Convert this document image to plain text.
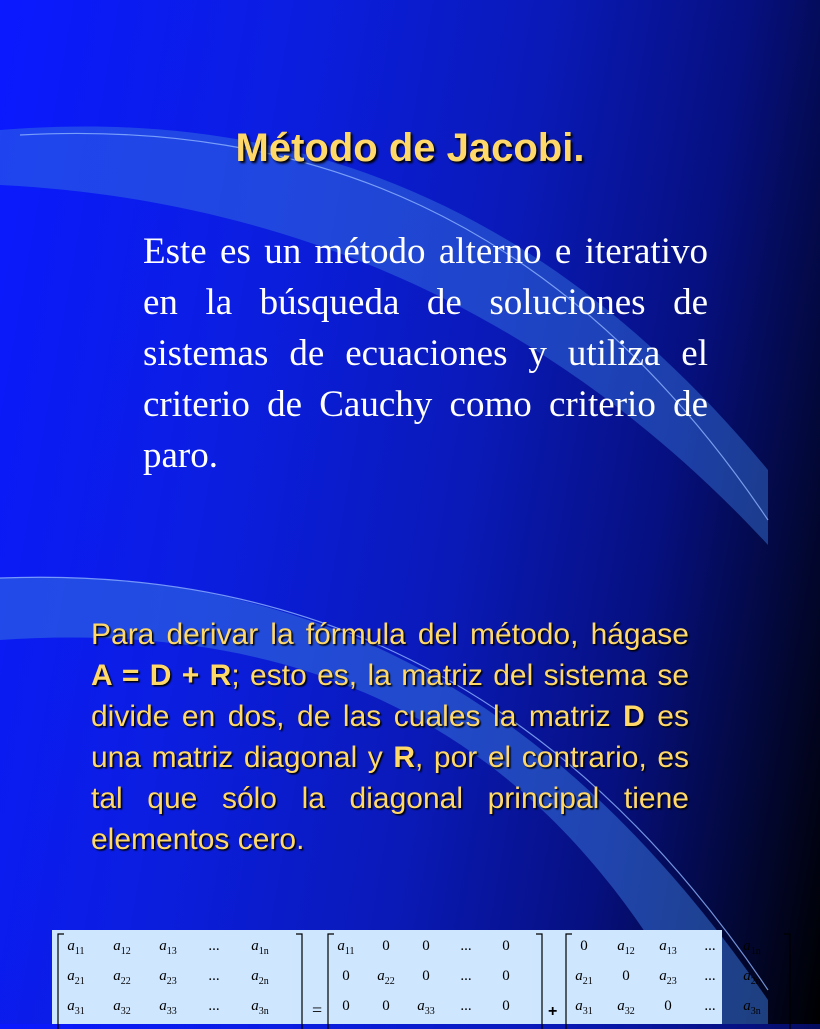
Método de Jacobi.
Este es un método alterno e iterativo en la búsqueda de soluciones de sistemas de ecuaciones y utiliza el criterio de Cauchy como criterio de paro.
Para derivar la fórmula del método, hágase A = D + R; esto es, la matriz del sistema se divide en dos, de las cuales la matriz D es una matriz diagonal y R, por el contrario, es tal que sólo la diagonal principal tiene elementos cero.
$a_{11}$ $a_{12}$ $a_{13}$ ... $a_{1n}$
$a_{21}$ $a_{22}$ $a_{23}$ ... $a_{2n}$
$a_{31}$ $a_{32}$ $a_{33}$ ... $a_{3n}$ =
$a_{11}$ 0 0 ... 0
0 $a_{22}$ 0 ... 0
0 0 $a_{33}$ ... 0 +
0 $a_{12}$ $a_{13}$ ... $a_{1n}$
$a_{21}$ 0 $a_{23}$ ... $a_{2n}$
$a_{31}$ $a_{32}$ 0 ... $a_{3n}$
